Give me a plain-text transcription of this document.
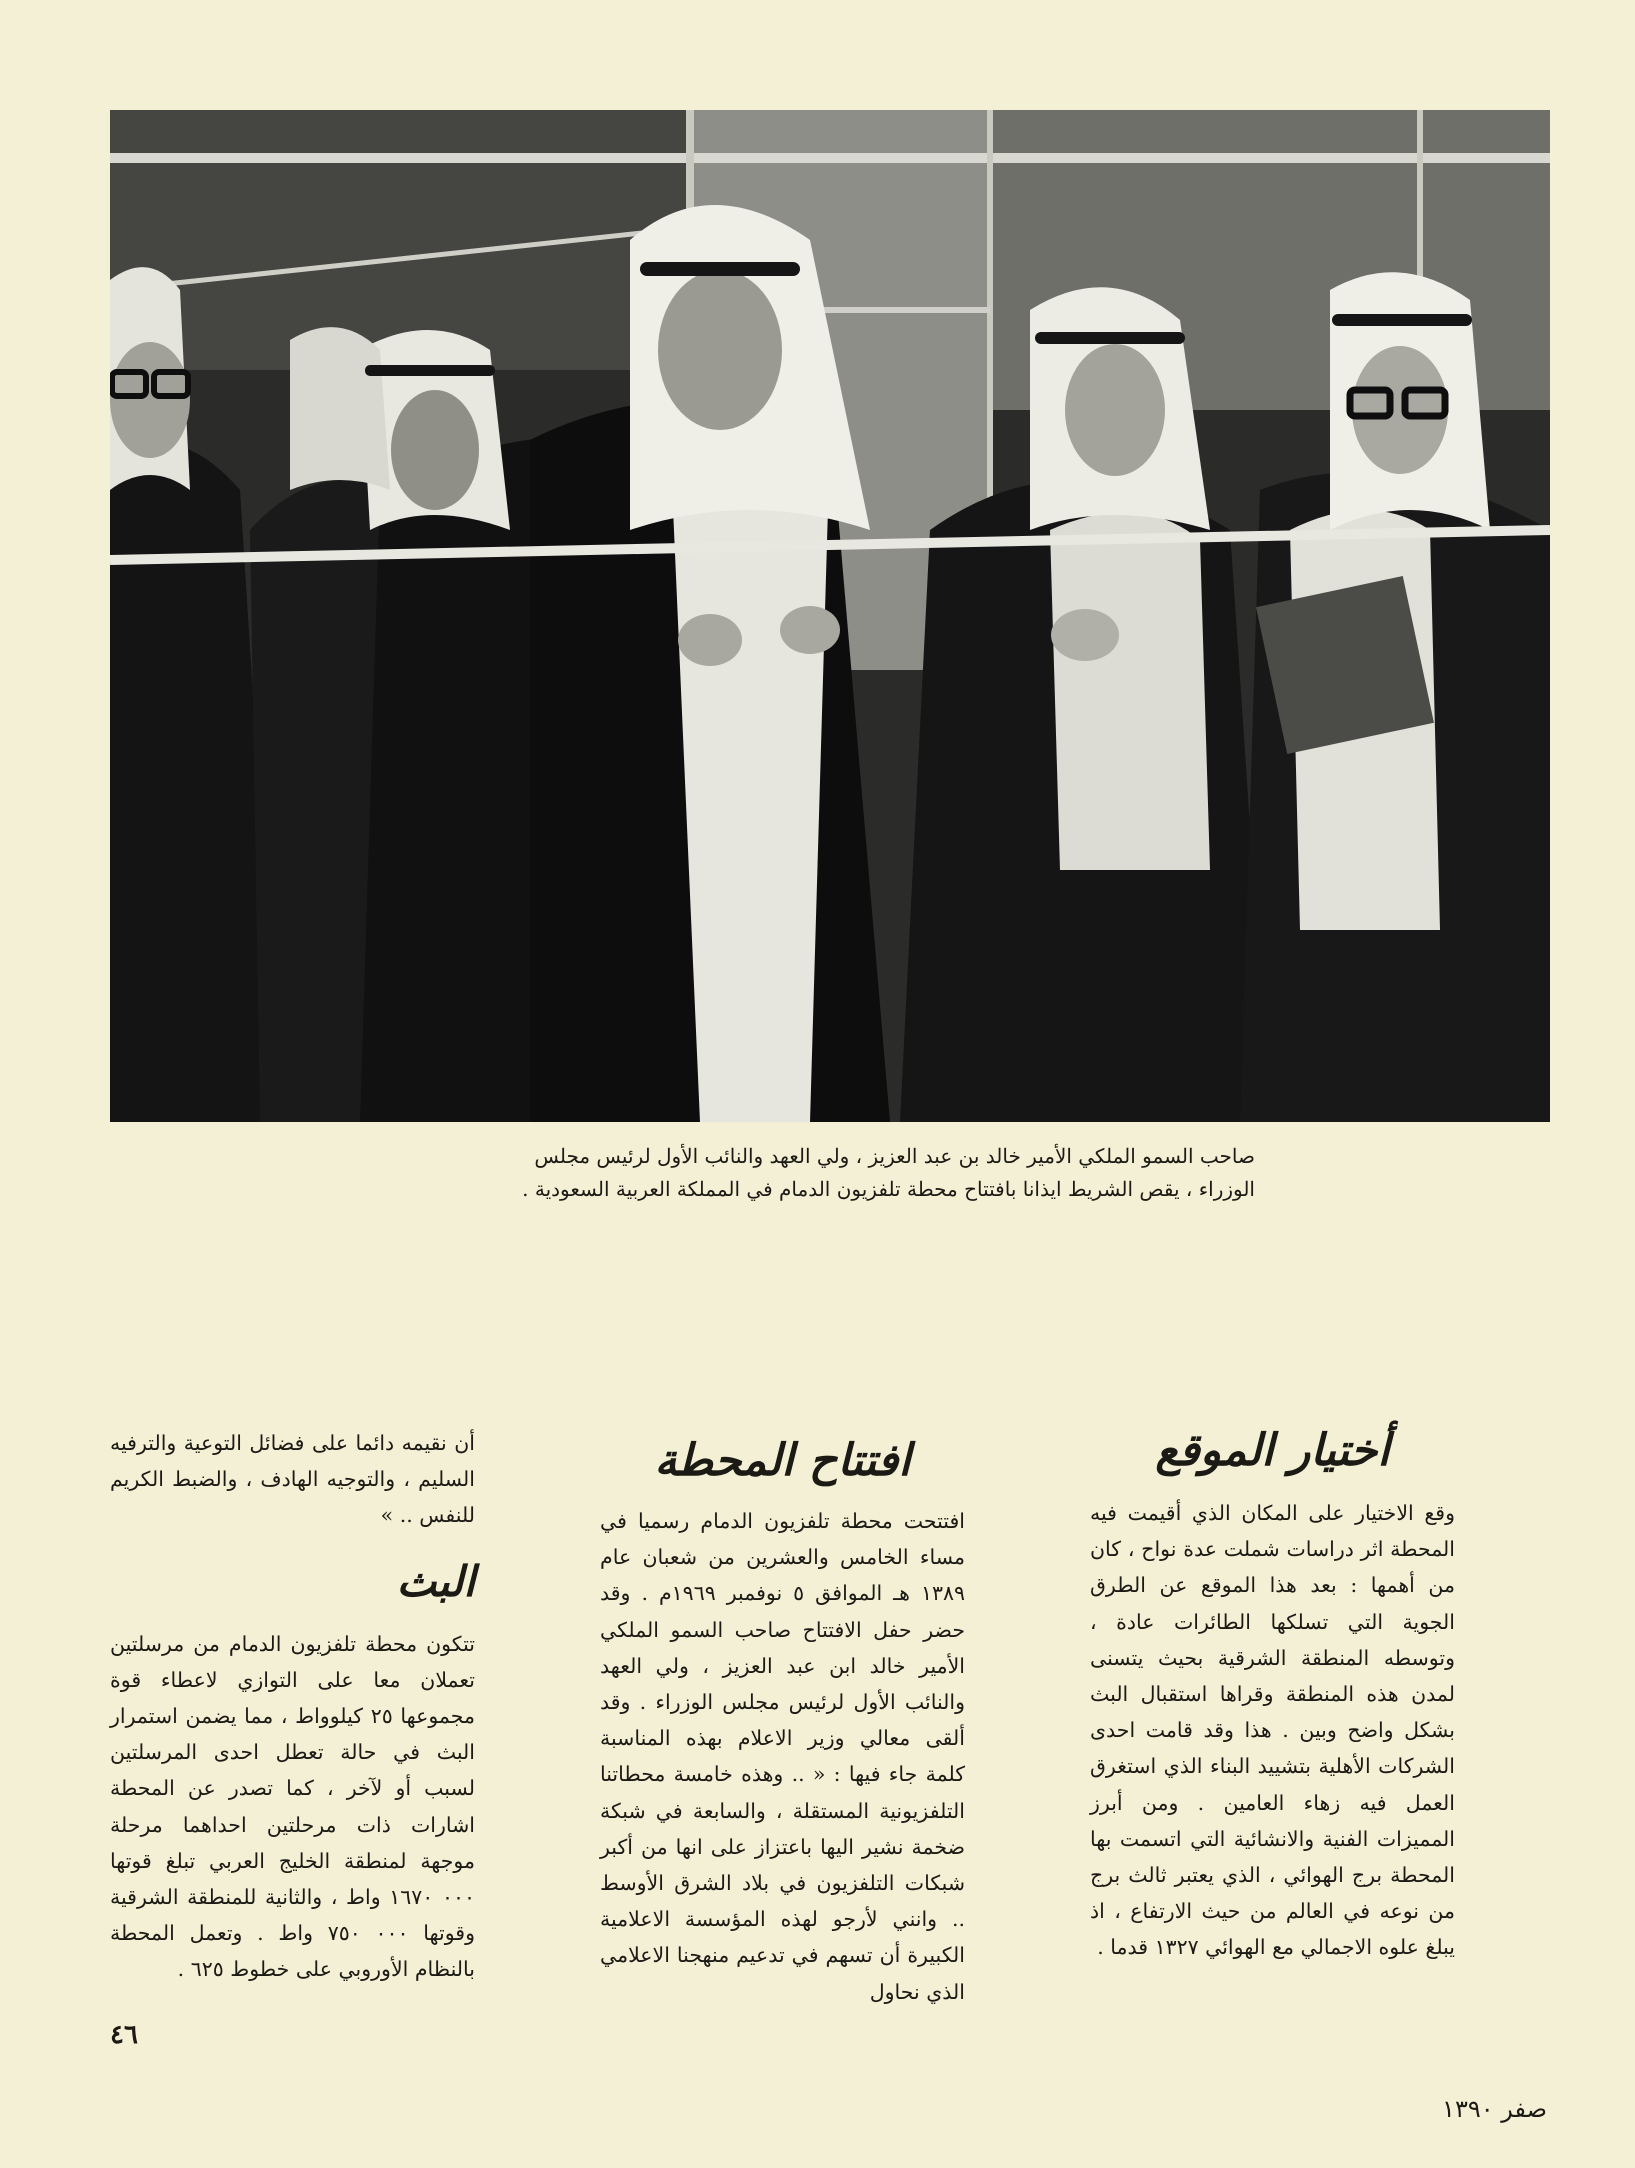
صاحب السمو الملكي الأمير خالد بن عبد العزيز ، ولي العهد والنائب الأول لرئيس مجلس

الوزراء ، يقص الشريط ايذانا بافتتاح محطة تلفزيون الدمام في المملكة العربية السعودية .

أختيار الموقع

وقع الاختيار على المكان الذي أقيمت فيه المحطة اثر دراسات شملت عدة نواح ، كان من أهمها : بعد هذا الموقع عن الطرق الجوية التي تسلكها الطائرات عادة ، وتوسطه المنطقة الشرقية بحيث يتسنى لمدن هذه المنطقة وقراها استقبال البث بشكل واضح وبين . هذا وقد قامت احدى الشركات الأهلية بتشييد البناء الذي استغرق العمل فيه زهاء العامين . ومن أبرز المميزات الفنية والانشائية التي اتسمت بها المحطة برج الهوائي ، الذي يعتبر ثالث برج من نوعه في العالم من حيث الارتفاع ، اذ يبلغ علوه الاجمالي مع الهوائي ١٣٢٧ قدما .

افتتاح المحطة

افتتحت محطة تلفزيون الدمام رسميا في مساء الخامس والعشرين من شعبان عام ١٣٨٩ هـ الموافق ٥ نوفمبر ١٩٦٩م . وقد حضر حفل الافتتاح صاحب السمو الملكي الأمير خالد ابن عبد العزيز ، ولي العهد والنائب الأول لرئيس مجلس الوزراء . وقد ألقى معالي وزير الاعلام بهذه المناسبة كلمة جاء فيها : « .. وهذه خامسة محطاتنا التلفزيونية المستقلة ، والسابعة في شبكة ضخمة نشير اليها باعتزاز على انها من أكبر شبكات التلفزيون في بلاد الشرق الأوسط .. وانني لأرجو لهذه المؤسسة الاعلامية الكبيرة أن تسهم في تدعيم منهجنا الاعلامي الذي نحاول

أن نقيمه دائما على فضائل التوعية والترفيه السليم ، والتوجيه الهادف ، والضبط الكريم للنفس .. »

البث

تتكون محطة تلفزيون الدمام من مرسلتين تعملان معا على التوازي لاعطاء قوة مجموعها ٢٥ كيلوواط ، مما يضمن استمرار البث في حالة تعطل احدى المرسلتين لسبب أو لآخر ، كما تصدر عن المحطة اشارات ذات مرحلتين احداهما مرحلة موجهة لمنطقة الخليج العربي تبلغ قوتها ٠٠٠ ١٦٧٠ واط ، والثانية للمنطقة الشرقية وقوتها ٠٠٠ ٧٥٠ واط . وتعمل المحطة بالنظام الأوروبي على خطوط ٦٢٥ .

٤٦
صفر ١٣٩٠
